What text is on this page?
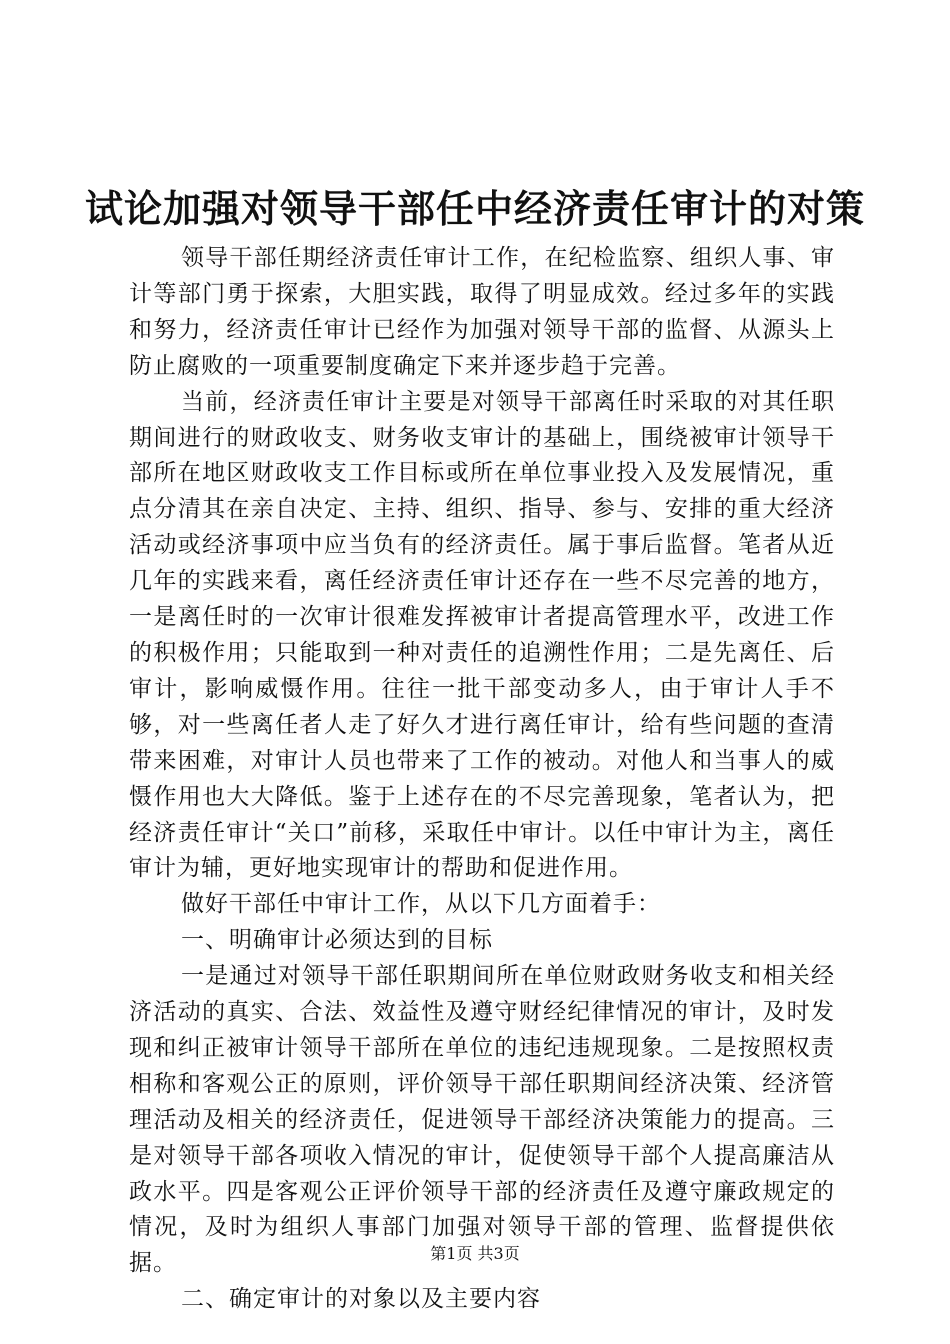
试论加强对领导干部任中经济责任审计的对策

领导干部任期经济责任审计工作，在纪检监察、组织人事、审计等部门勇于探索，大胆实践，取得了明显成效。经过多年的实践和努力，经济责任审计已经作为加强对领导干部的监督、从源头上防止腐败的一项重要制度确定下来并逐步趋于完善。

当前，经济责任审计主要是对领导干部离任时采取的对其任职期间进行的财政收支、财务收支审计的基础上，围绕被审计领导干部所在地区财政收支工作目标或所在单位事业投入及发展情况，重点分清其在亲自决定、主持、组织、指导、参与、安排的重大经济活动或经济事项中应当负有的经济责任。属于事后监督。笔者从近几年的实践来看，离任经济责任审计还存在一些不尽完善的地方，一是离任时的一次审计很难发挥被审计者提高管理水平，改进工作的积极作用；只能取到一种对责任的追溯性作用；二是先离任、后审计，影响威慑作用。往往一批干部变动多人，由于审计人手不够，对一些离任者人走了好久才进行离任审计，给有些问题的查清带来困难，对审计人员也带来了工作的被动。对他人和当事人的威慑作用也大大降低。鉴于上述存在的不尽完善现象，笔者认为，把经济责任审计“关口”前移，采取任中审计。以任中审计为主，离任审计为辅，更好地实现审计的帮助和促进作用。

做好干部任中审计工作，从以下几方面着手：

一、明确审计必须达到的目标

一是通过对领导干部任职期间所在单位财政财务收支和相关经济活动的真实、合法、效益性及遵守财经纪律情况的审计，及时发现和纠正被审计领导干部所在单位的违纪违规现象。二是按照权责相称和客观公正的原则，评价领导干部任职期间经济决策、经济管理活动及相关的经济责任，促进领导干部经济决策能力的提高。三是对领导干部各项收入情况的审计，促使领导干部个人提高廉洁从政水平。四是客观公正评价领导干部的经济责任及遵守廉政规定的情况，及时为组织人事部门加强对领导干部的管理、监督提供依据。

二、确定审计的对象以及主要内容

第1页 共3页
